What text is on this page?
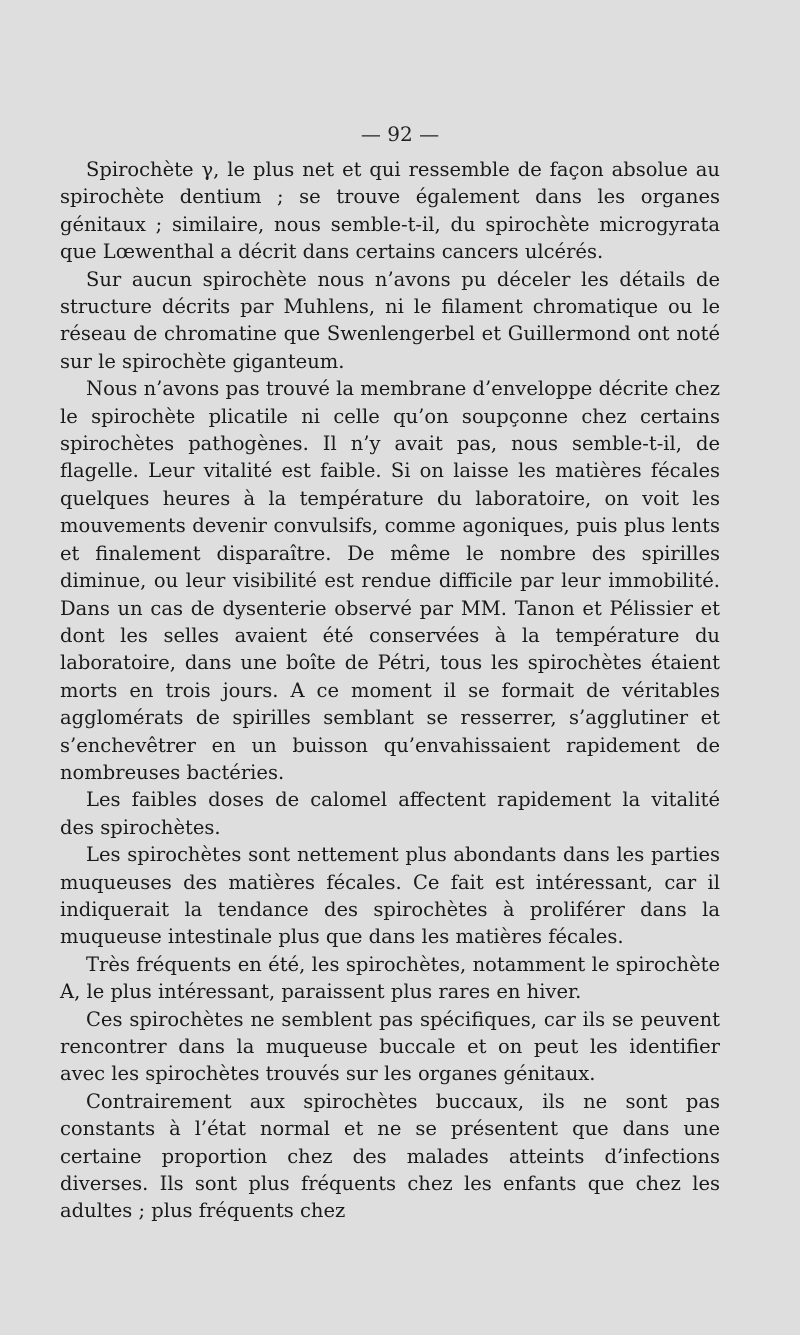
— 92 —

Spirochète γ, le plus net et qui ressemble de façon absolue au spirochète dentium ; se trouve également dans les organes génitaux ; similaire, nous semble-t-il, du spirochète microgyrata que Lœwenthal a décrit dans certains cancers ulcérés.

Sur aucun spirochète nous n’avons pu déceler les détails de structure décrits par Muhlens, ni le filament chromatique ou le réseau de chromatine que Swenlengerbel et Guillermond ont noté sur le spirochète giganteum.

Nous n’avons pas trouvé la membrane d’enveloppe décrite chez le spirochète plicatile ni celle qu’on soupçonne chez certains spirochètes pathogènes. Il n’y avait pas, nous semble-t-il, de flagelle. Leur vitalité est faible. Si on laisse les matières fécales quelques heures à la température du laboratoire, on voit les mouvements devenir convulsifs, comme agoniques, puis plus lents et finalement disparaître. De même le nombre des spirilles diminue, ou leur visibilité est rendue difficile par leur immobilité. Dans un cas de dysenterie observé par MM. Tanon et Pélissier et dont les selles avaient été conservées à la température du laboratoire, dans une boîte de Pétri, tous les spirochètes étaient morts en trois jours. A ce moment il se formait de véritables agglomérats de spirilles semblant se resserrer, s’agglutiner et s’enchevêtrer en un buisson qu’envahissaient rapidement de nombreuses bactéries.

Les faibles doses de calomel affectent rapidement la vitalité des spirochètes.

Les spirochètes sont nettement plus abondants dans les parties muqueuses des matières fécales. Ce fait est intéressant, car il indiquerait la tendance des spirochètes à proliférer dans la muqueuse intestinale plus que dans les matières fécales.

Très fréquents en été, les spirochètes, notamment le spirochète A, le plus intéressant, paraissent plus rares en hiver.

Ces spirochètes ne semblent pas spécifiques, car ils se peuvent rencontrer dans la muqueuse buccale et on peut les identifier avec les spirochètes trouvés sur les organes génitaux.

Contrairement aux spirochètes buccaux, ils ne sont pas constants à l’état normal et ne se présentent que dans une certaine proportion chez des malades atteints d’infections diverses. Ils sont plus fréquents chez les enfants que chez les adultes ; plus fréquents chez
